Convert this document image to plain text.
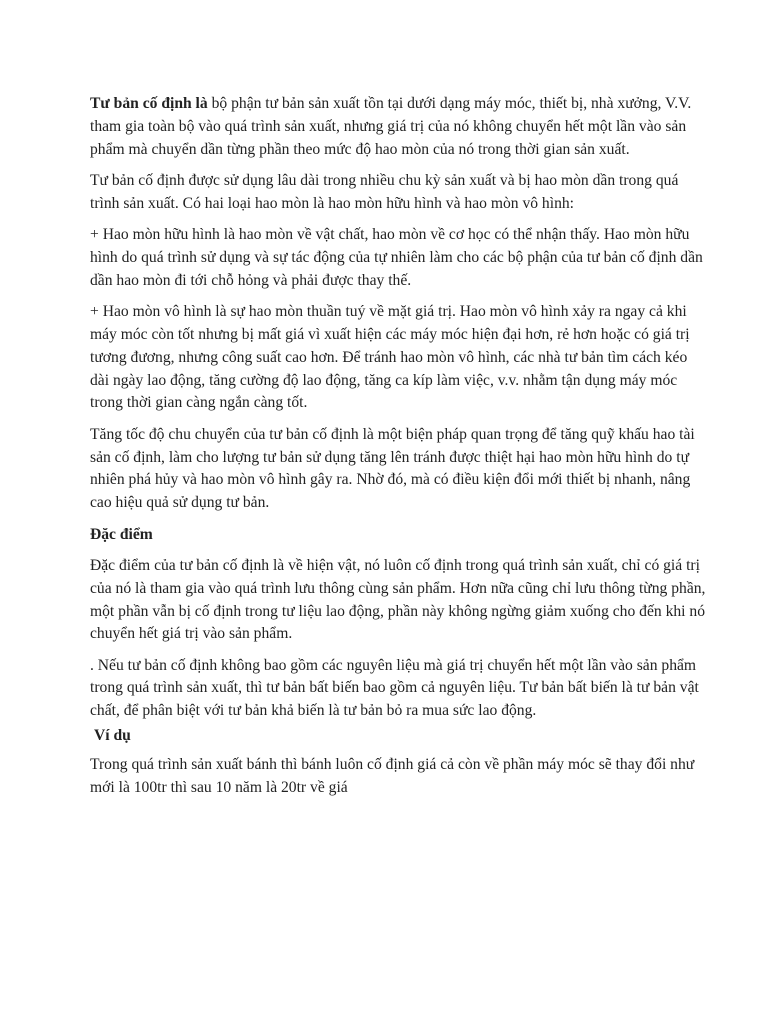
Tư bản cố định là bộ phận tư bản sản xuất tồn tại dưới dạng máy móc, thiết bị, nhà xưởng, V.V. tham gia toàn bộ vào quá trình sản xuất, nhưng giá trị của nó không chuyển hết một lần vào sản phẩm mà chuyển dần từng phần theo mức độ hao mòn của nó trong thời gian sản xuất.

Tư bản cố định được sử dụng lâu dài trong nhiều chu kỳ sản xuất và bị hao mòn dần trong quá trình sản xuất. Có hai loại hao mòn là hao mòn hữu hình và hao mòn vô hình:

+ Hao mòn hữu hình là hao mòn về vật chất, hao mòn về cơ học có thể nhận thấy. Hao mòn hữu hình do quá trình sử dụng và sự tác động của tự nhiên làm cho các bộ phận của tư bản cố định dần dần hao mòn đi tới chỗ hỏng và phải được thay thế.

+ Hao mòn vô hình là sự hao mòn thuần tuý về mặt giá trị. Hao mòn vô hình xảy ra ngay cả khi máy móc còn tốt nhưng bị mất giá vì xuất hiện các máy móc hiện đại hơn, rẻ hơn hoặc có giá trị tương đương, nhưng công suất cao hơn. Để tránh hao mòn vô hình, các nhà tư bản tìm cách kéo dài ngày lao động, tăng cường độ lao động, tăng ca kíp làm việc, v.v. nhằm tận dụng máy móc trong thời gian càng ngắn càng tốt.

Tăng tốc độ chu chuyển của tư bản cố định là một biện pháp quan trọng để tăng quỹ khấu hao tài sản cố định, làm cho lượng tư bản sử dụng tăng lên tránh được thiệt hại hao mòn hữu hình do tự nhiên phá hủy và hao mòn vô hình gây ra. Nhờ đó, mà có điều kiện đổi mới thiết bị nhanh, nâng cao hiệu quả sử dụng tư bản.

Đặc điểm

Đặc điểm của tư bản cố định là về hiện vật, nó luôn cố định trong quá trình sản xuất, chỉ có giá trị của nó là tham gia vào quá trình lưu thông cùng sản phẩm. Hơn nữa cũng chỉ lưu thông từng phần, một phần vẫn bị cố định trong tư liệu lao động, phần này không ngừng giảm xuống cho đến khi nó chuyển hết giá trị vào sản phẩm.

. Nếu tư bản cố định không bao gồm các nguyên liệu mà giá trị chuyển hết một lần vào sản phẩm trong quá trình sản xuất, thì tư bản bất biến bao gồm cả nguyên liệu. Tư bản bất biến là tư bản vật chất, để phân biệt với tư bản khả biến là tư bản bỏ ra mua sức lao động.

Ví dụ

Trong quá trình sản xuất bánh thì bánh luôn cố định giá cả còn về phần máy móc sẽ thay đổi như mới là 100tr thì sau 10 năm là 20tr về giá
